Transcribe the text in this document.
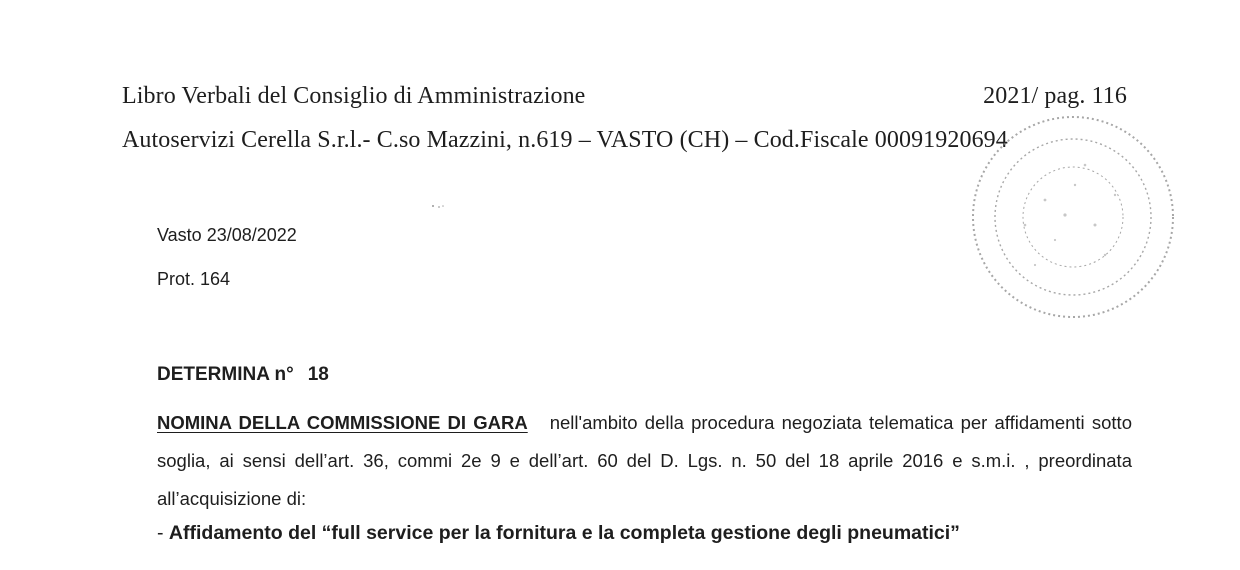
Libro Verbali del Consiglio di Amministrazione	2021/ pag. 116
Autoservizi Cerella S.r.l.- C.so Mazzini, n.619 – VASTO (CH) – Cod.Fiscale 00091920694
Vasto 23/08/2022
Prot. 164
DETERMINA n° 18
NOMINA DELLA COMMISSIONE DI GARA nell'ambito della procedura negoziata telematica per affidamenti sotto soglia, ai sensi dell’art. 36, commi 2e 9 e dell’art. 60 del D. Lgs. n. 50 del 18 aprile 2016 e s.m.i. , preordinata all’acquisizione di:
- Affidamento del “full service per la fornitura e la completa gestione degli pneumatici”
